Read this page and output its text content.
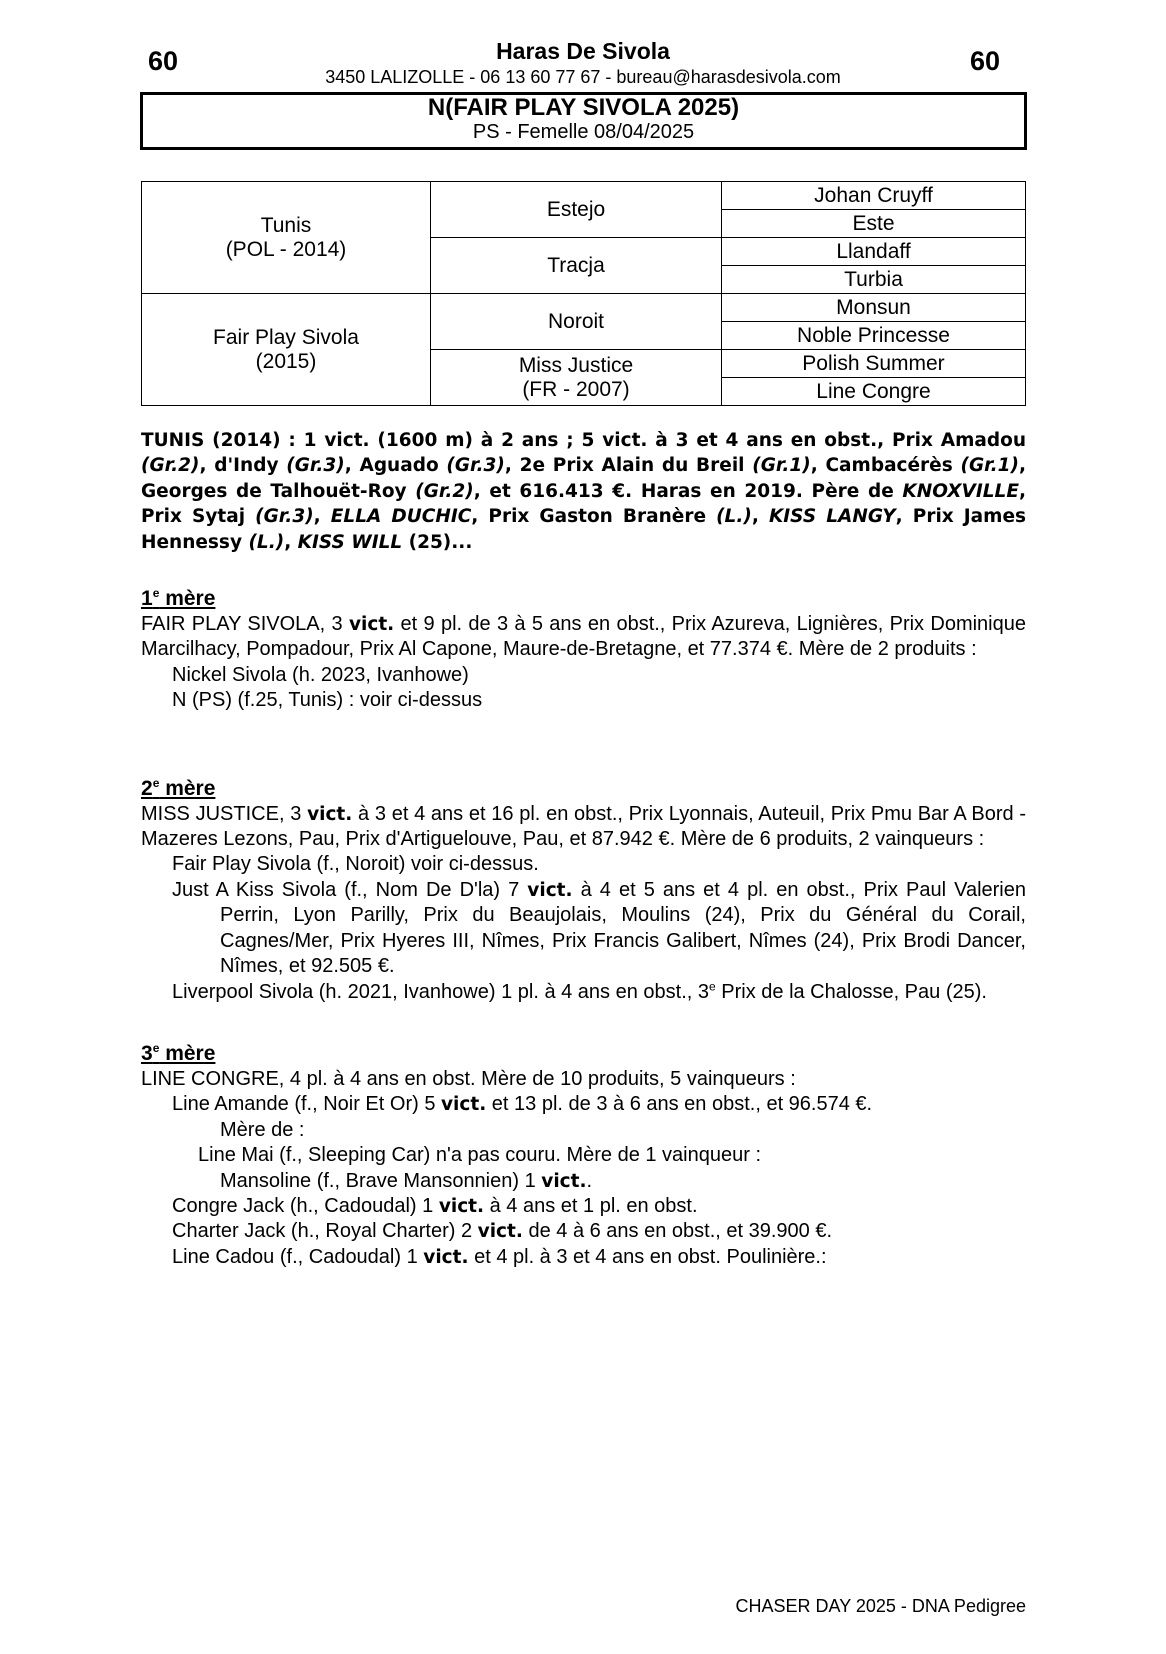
60	60
Haras De Sivola
3450 LALIZOLLE - 06 13 60 77 67 - bureau@harasdesivola.com
N(FAIR PLAY SIVOLA 2025)
PS - Femelle 08/04/2025
Tunis
(POL - 2014)	Estejo	Johan Cruyff
		Este
	Tracja	Llandaff
		Turbia

Fair Play Sivola
(2015)	Noroit	Monsun
		Noble Princesse

	Miss Justice
(FR - 2007)	Polish Summer
		Line Congre
TUNIS (2014) : 1 vict. (1600 m) à 2 ans ; 5 vict. à 3 et 4 ans en obst., Prix Amadou (Gr.2), d'Indy (Gr.3), Aguado (Gr.3), 2e Prix Alain du Breil (Gr.1), Cambacérès (Gr.1), Georges de Talhouët-Roy (Gr.2), et 616.413 €. Haras en 2019. Père de KNOXVILLE, Prix Sytaj (Gr.3), ELLA DUCHIC, Prix Gaston Branère (L.), KISS LANGY, Prix James Hennessy (L.), KISS WILL (25)...
1e mère
FAIR PLAY SIVOLA, 3 vict. et 9 pl. de 3 à 5 ans en obst., Prix Azureva, Lignières, Prix Dominique Marcilhacy, Pompadour, Prix Al Capone, Maure-de-Bretagne, et 77.374 €. Mère de 2 produits :
Nickel Sivola (h. 2023, Ivanhowe)
N (PS) (f.25, Tunis) : voir ci-dessus
2e mère
MISS JUSTICE, 3 vict. à 3 et 4 ans et 16 pl. en obst., Prix Lyonnais, Auteuil, Prix Pmu Bar A Bord - Mazeres Lezons, Pau, Prix d'Artiguelouve, Pau, et 87.942 €. Mère de 6 produits, 2 vainqueurs :
Fair Play Sivola (f., Noroit) voir ci-dessus.
Just A Kiss Sivola (f., Nom De D'la) 7 vict. à 4 et 5 ans et 4 pl. en obst., Prix Paul Valerien Perrin, Lyon Parilly, Prix du Beaujolais, Moulins (24), Prix du Général du Corail, Cagnes/Mer, Prix Hyeres III, Nîmes, Prix Francis Galibert, Nîmes (24), Prix Brodi Dancer, Nîmes, et 92.505 €.
Liverpool Sivola (h. 2021, Ivanhowe) 1 pl. à 4 ans en obst., 3e Prix de la Chalosse, Pau (25).
3e mère
LINE CONGRE, 4 pl. à 4 ans en obst. Mère de 10 produits, 5 vainqueurs :
Line Amande (f., Noir Et Or) 5 vict. et 13 pl. de 3 à 6 ans en obst., et 96.574 €.
Mère de :
Line Mai (f., Sleeping Car) n'a pas couru. Mère de 1 vainqueur :
Mansoline (f., Brave Mansonnien) 1 vict..
Congre Jack (h., Cadoudal) 1 vict. à 4 ans et 1 pl. en obst.
Charter Jack (h., Royal Charter) 2 vict. de 4 à 6 ans en obst., et 39.900 €.
Line Cadou (f., Cadoudal) 1 vict. et 4 pl. à 3 et 4 ans en obst. Poulinière.:
CHASER DAY 2025 - DNA Pedigree
